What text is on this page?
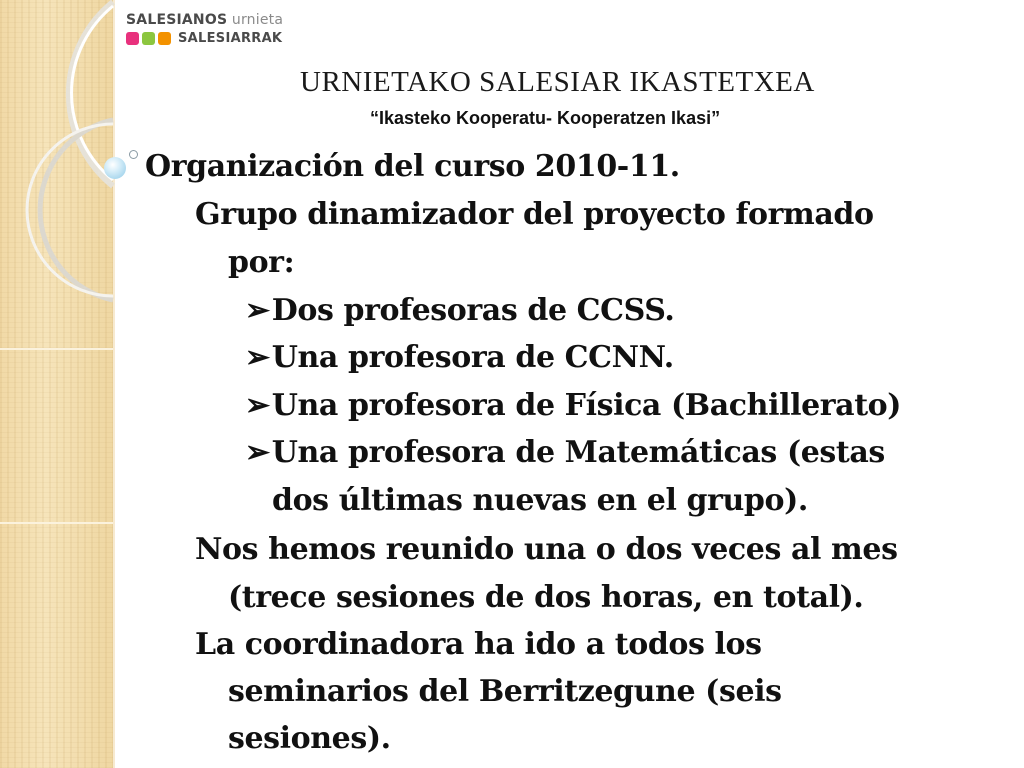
SALESIANOS urnieta
SALESIARRAK
URNIETAKO SALESIAR IKASTETXEA
“Ikasteko Kooperatu- Kooperatzen Ikasi”
Organización del curso 2010-11.
Grupo dinamizador del proyecto formado
por:
➢Dos profesoras de CCSS.
➢Una profesora de CCNN.
➢Una profesora de Física (Bachillerato)
➢Una profesora de Matemáticas (estas
dos últimas nuevas en el grupo).
Nos hemos reunido una o dos veces al mes
(trece sesiones de dos horas, en total).
La coordinadora ha ido a todos los
seminarios del Berritzegune (seis
sesiones).
